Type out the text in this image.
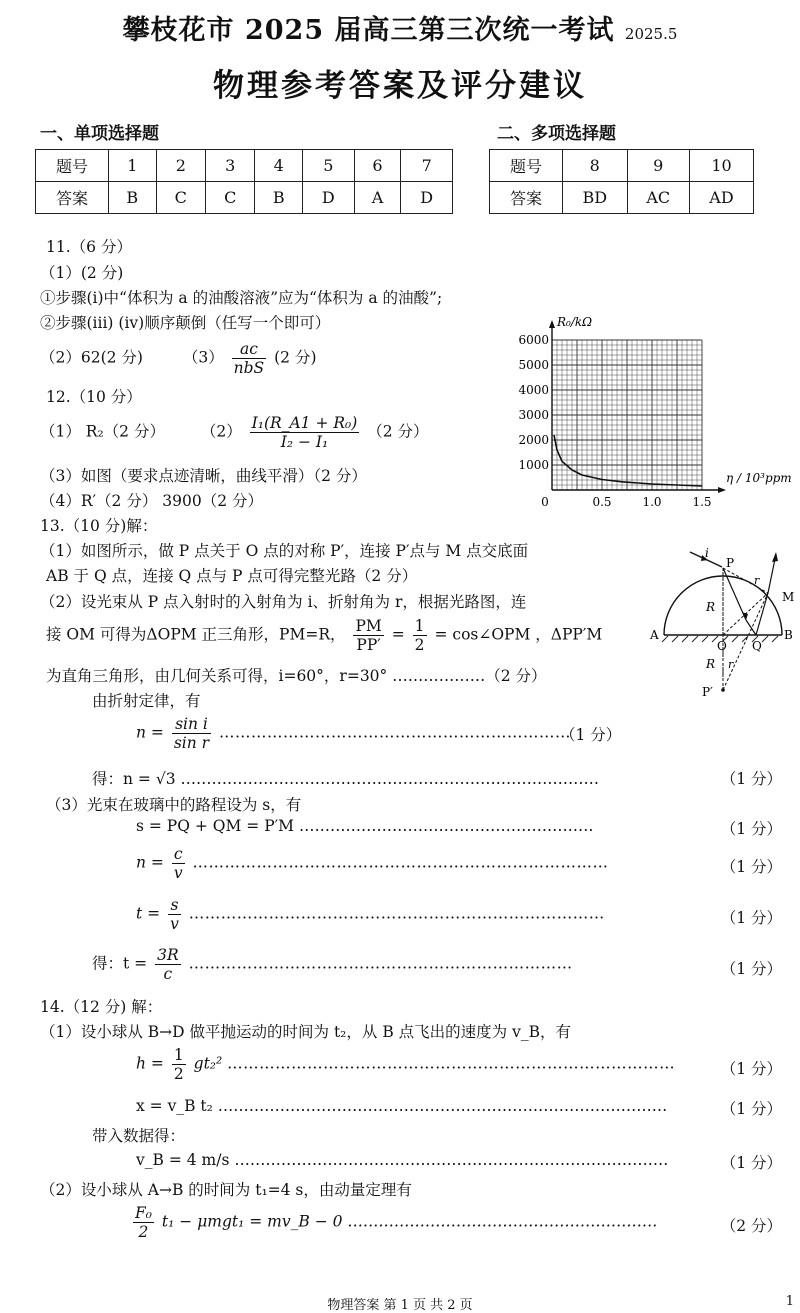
攀枝花市 2025 届高三第三次统一考试 2025.5
物理参考答案及评分建议
一、单项选择题	二、多项选择题
题号	1	2	3	4	5	6	7
答案	B	C	C	B	D	A	D
题号	8	9	10
答案	BD	AC	AD
11.（6 分）
（1）(2 分)
①步骤(i)中“体积为 a 的油酸溶液”应为“体积为 a 的油酸”;
②步骤(iii) (iv)顺序颠倒（任写一个即可）
（2）62(2 分)	$(3) \frac{ac}{\text{nbS}} (2$ 分)
12.（10 分）
（1） R₂（2 分） $(2) \frac{\text{I₁(R\_A1 + R₀)}}{\text{I₂ − I₁}} (2$ 分）
（3）如图（要求点迹清晰，曲线平滑）（2 分）
（4）R′（2 分） 3900（2 分）
1000
2000
3000
4000
5000
6000
0	0.5	1.0	1.5
R₀/kΩ
η / 10³ppm
13.（10 分)解：
（1）如图所示，做 P 点关于 O 点的对称 P′，连接 P′点与 M 点交底面
AB 于 Q 点，连接 Q 点与 P 点可得完整光路（2 分）
（2）设光束从 P 点入射时的入射角为 i、折射角为 r，根据光路图，连
接 OM 可得为ΔOPM 正三角形，PM=R， $\frac{PM}{PP'} = \frac{1}{2}$ = cos∠OPM ，ΔPP′M
为直角三角形，由几何关系可得，i=60°，r=30° ………………（2 分）
由折射定律，有
$n = \frac{\text{sin i}}{\text{sin r}}$ …………………………………………………………
（1 分）
得：n = √3 ………………………………………………………………………	（1 分）
（3）光束在玻璃中的路程设为 s，有
s = PQ + QM = P′M …………………………………………………	（1 分）
$n = \frac{c}{v}$ ……………………………………………………………………	（1 分）
$t = \frac{s}{v}$ ……………………………………………………………………	（1 分）
得：$t = \frac{3R}{c}$ ………………………………………………………………	（1 分）
i
P
r
M
R
A	B
O Q
R r
P′
14.（12 分) 解：
（1）设小球从 B→D 做平抛运动的时间为 t₂，从 B 点飞出的速度为 v_B，有
$h = \frac{1}{2} gt_2^2$ …………………………………………………………………………	（1 分）
x = v_B t₂ ……………………………………………………………………………	（1 分）
带入数据得：
v_B = 4 m/s …………………………………………………………………………	（1 分）
（2）设小球从 A→B 的时间为 t₁=4 s，由动量定理有
$\frac{\text{F₀}}{2} t_1 - \mu mgt_1$ = mv_B − 0 ……………………………………………………	（2 分）
物理答案 第 1 页 共 2 页	1
